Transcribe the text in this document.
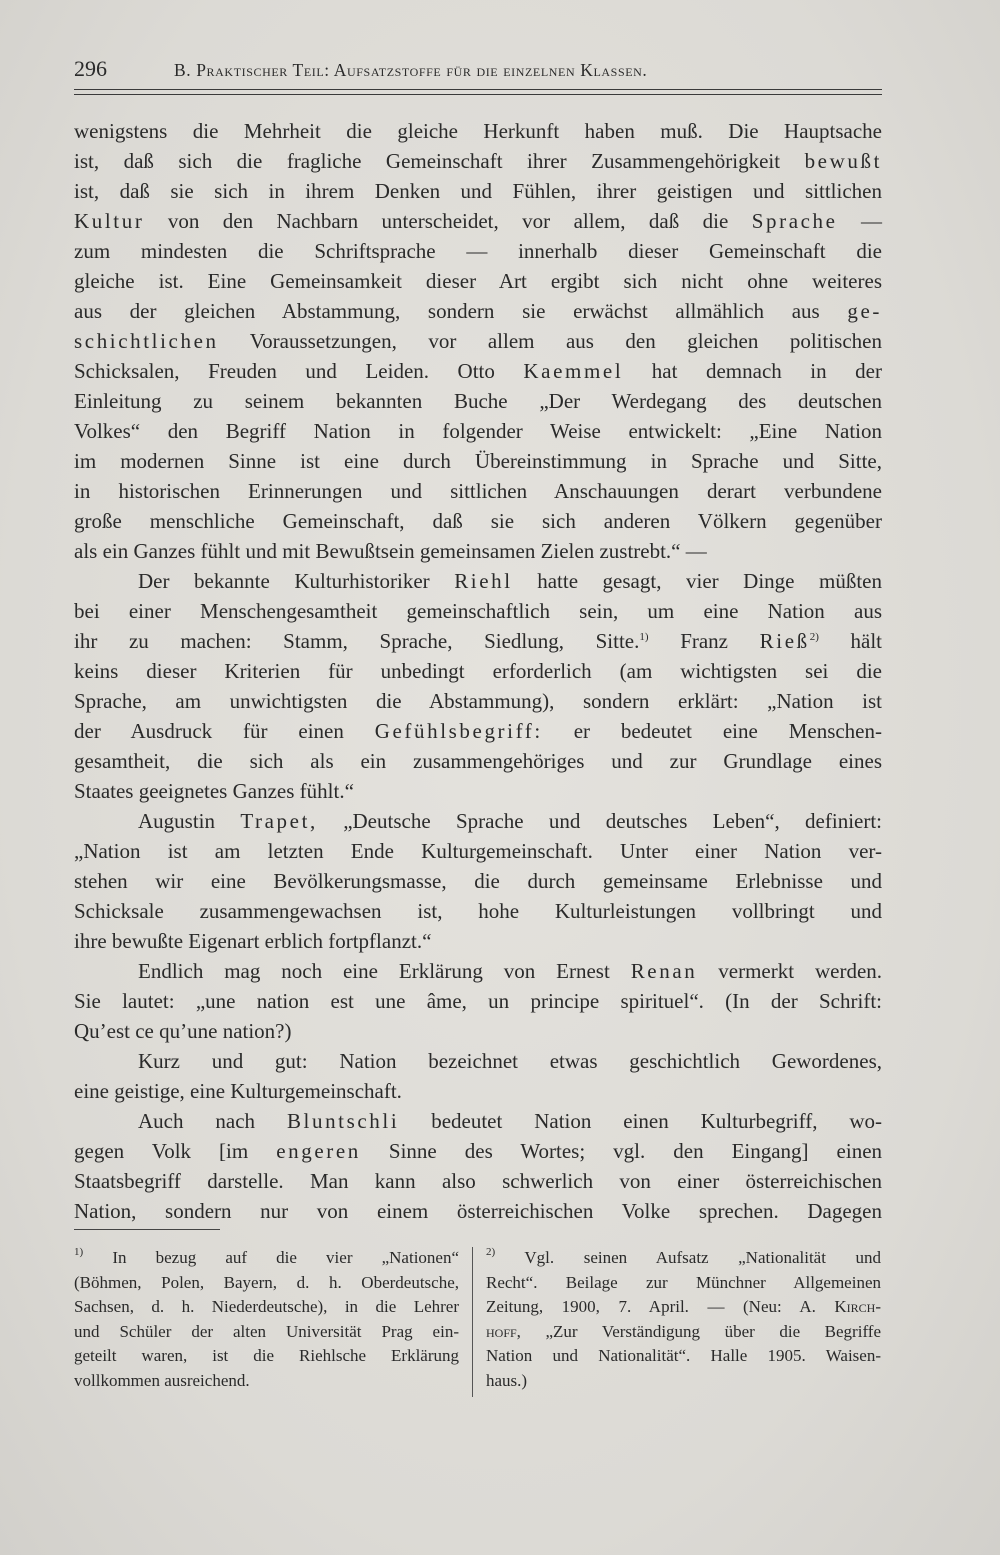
296	B. Praktischer Teil: Aufsatzstoffe für die einzelnen Klassen.
wenigstens die Mehrheit die gleiche Herkunft haben muß. Die Hauptsache
ist, daß sich die fragliche Gemeinschaft ihrer Zusammengehörigkeit bewußt
ist, daß sie sich in ihrem Denken und Fühlen, ihrer geistigen und sittlichen
Kultur von den Nachbarn unterscheidet, vor allem, daß die Sprache —
zum mindesten die Schriftsprache — innerhalb dieser Gemeinschaft die
gleiche ist. Eine Gemeinsamkeit dieser Art ergibt sich nicht ohne weiteres
aus der gleichen Abstammung, sondern sie erwächst allmählich aus ge-
schichtlichen Voraussetzungen, vor allem aus den gleichen politischen
Schicksalen, Freuden und Leiden. Otto Kaemmel hat demnach in der
Einleitung zu seinem bekannten Buche „Der Werdegang des deutschen
Volkes“ den Begriff Nation in folgender Weise entwickelt: „Eine Nation
im modernen Sinne ist eine durch Übereinstimmung in Sprache und Sitte,
in historischen Erinnerungen und sittlichen Anschauungen derart verbundene
große menschliche Gemeinschaft, daß sie sich anderen Völkern gegenüber
als ein Ganzes fühlt und mit Bewußtsein gemeinsamen Zielen zustrebt.“ —
Der bekannte Kulturhistoriker Riehl hatte gesagt, vier Dinge müßten
bei einer Menschengesamtheit gemeinschaftlich sein, um eine Nation aus
ihr zu machen: Stamm, Sprache, Siedlung, Sitte.$^{1)}$ Franz Rieß$^{2)}$ hält
keins dieser Kriterien für unbedingt erforderlich (am wichtigsten sei die
Sprache, am unwichtigsten die Abstammung), sondern erklärt: „Nation ist
der Ausdruck für einen Gefühlsbegriff: er bedeutet eine Menschen-
gesamtheit, die sich als ein zusammengehöriges und zur Grundlage eines
Staates geeignetes Ganzes fühlt.“
Augustin Trapet, „Deutsche Sprache und deutsches Leben“, definiert:
„Nation ist am letzten Ende Kulturgemeinschaft. Unter einer Nation ver-
stehen wir eine Bevölkerungsmasse, die durch gemeinsame Erlebnisse und
Schicksale zusammengewachsen ist, hohe Kulturleistungen vollbringt und
ihre bewußte Eigenart erblich fortpflanzt.“
Endlich mag noch eine Erklärung von Ernest Renan vermerkt werden.
Sie lautet: „une nation est une âme, un principe spirituel“. (In der Schrift:
Qu’est ce qu’une nation?)
Kurz und gut: Nation bezeichnet etwas geschichtlich Gewordenes,
eine geistige, eine Kulturgemeinschaft.
Auch nach Bluntschli bedeutet Nation einen Kulturbegriff, wo-
gegen Volk [im engeren Sinne des Wortes; vgl. den Eingang] einen
Staatsbegriff darstelle. Man kann also schwerlich von einer österreichischen
Nation, sondern nur von einem österreichischen Volke sprechen. Dagegen
$^{1)}$ In bezug auf die vier „Nationen“
(Böhmen, Polen, Bayern, d. h. Oberdeutsche,
Sachsen, d. h. Niederdeutsche), in die Lehrer
und Schüler der alten Universität Prag ein-
geteilt waren, ist die Riehlsche Erklärung
vollkommen ausreichend.
$^{2)}$ Vgl. seinen Aufsatz „Nationalität und
Recht“. Beilage zur Münchner Allgemeinen
Zeitung, 1900, 7. April. — (Neu: A. Kirch-
hoff, „Zur Verständigung über die Begriffe
Nation und Nationalität“. Halle 1905. Waisen-
haus.)
